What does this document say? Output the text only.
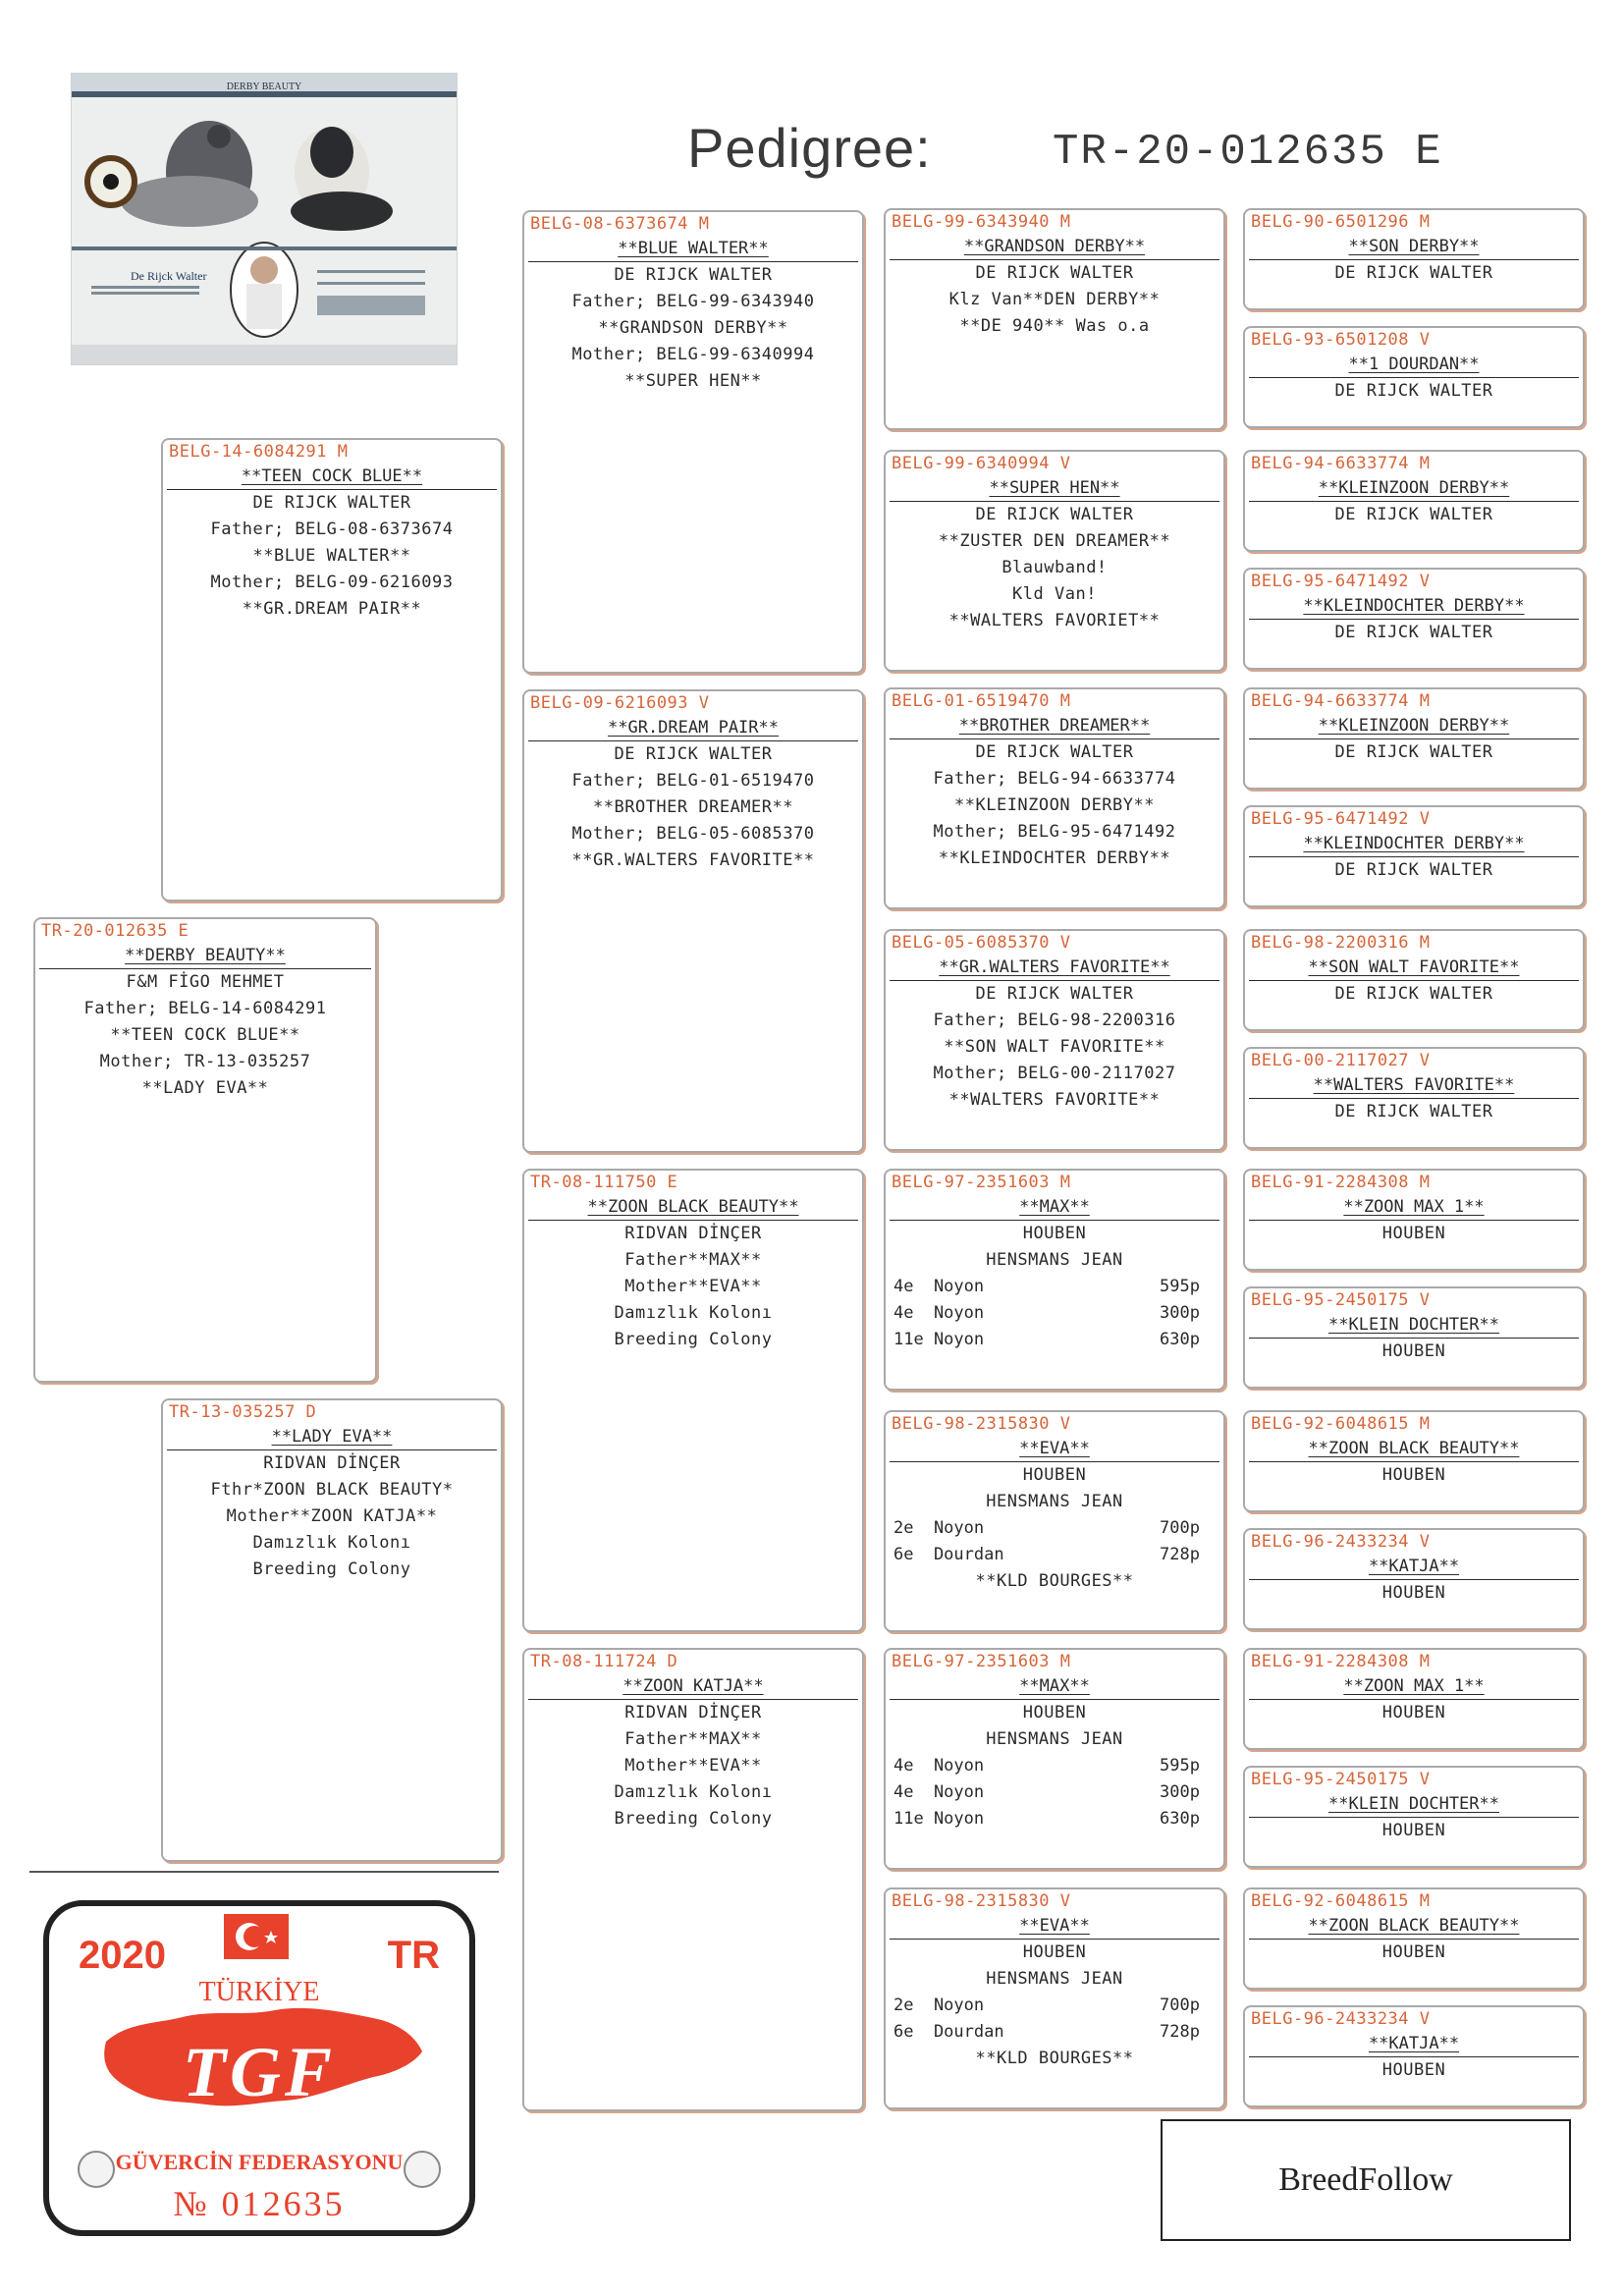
DERBY BEAUTY
De Rijck Walter
Pedigree:	TR-20-012635 E
TR-20-012635 E
**DERBY BEAUTY**
F&M FİGO MEHMET
Father; BELG-14-6084291
**TEEN COCK BLUE**
Mother; TR-13-035257
**LADY EVA**
BELG-14-6084291 M
**TEEN COCK BLUE**
DE RIJCK WALTER
Father; BELG-08-6373674
**BLUE WALTER**
Mother; BELG-09-6216093
**GR.DREAM PAIR**
TR-13-035257 D
**LADY EVA**
RIDVAN DİNÇER
Fthr*ZOON BLACK BEAUTY*
Mother**ZOON KATJA**
Damızlık Kolonı
Breeding Colony
BELG-08-6373674 M
**BLUE WALTER**
DE RIJCK WALTER
Father; BELG-99-6343940
**GRANDSON DERBY**
Mother; BELG-99-6340994
**SUPER HEN**
BELG-09-6216093 V
**GR.DREAM PAIR**
DE RIJCK WALTER
Father; BELG-01-6519470
**BROTHER DREAMER**
Mother; BELG-05-6085370
**GR.WALTERS FAVORITE**
TR-08-111750 E
**ZOON BLACK BEAUTY**
RIDVAN DİNÇER
Father**MAX**
Mother**EVA**
Damızlık Kolonı
Breeding Colony
TR-08-111724 D
**ZOON KATJA**
RIDVAN DİNÇER
Father**MAX**
Mother**EVA**
Damızlık Kolonı
Breeding Colony
BELG-99-6343940 M
**GRANDSON DERBY**
DE RIJCK WALTER
Klz Van**DEN DERBY**
**DE 940** Was o.a
BELG-99-6340994 V
**SUPER HEN**
DE RIJCK WALTER
**ZUSTER DEN DREAMER**
Blauwband!
Kld Van!
**WALTERS FAVORIET**
BELG-01-6519470 M
**BROTHER DREAMER**
DE RIJCK WALTER
Father; BELG-94-6633774
**KLEINZOON DERBY**
Mother; BELG-95-6471492
**KLEINDOCHTER DERBY**
BELG-05-6085370 V
**GR.WALTERS FAVORITE**
DE RIJCK WALTER
Father; BELG-98-2200316
**SON WALT FAVORITE**
Mother; BELG-00-2117027
**WALTERS FAVORITE**
BELG-97-2351603 M
**MAX**
HOUBEN
HENSMANS JEAN
4e  Noyon	595p
4e  Noyon	300p
11e Noyon	630p
BELG-98-2315830 V
**EVA**
HOUBEN
HENSMANS JEAN
2e  Noyon	700p
6e  Dourdan	728p
**KLD BOURGES**
BELG-97-2351603 M
**MAX**
HOUBEN
HENSMANS JEAN
4e  Noyon	595p
4e  Noyon	300p
11e Noyon	630p
BELG-98-2315830 V
**EVA**
HOUBEN
HENSMANS JEAN
2e  Noyon	700p
6e  Dourdan	728p
**KLD BOURGES**
BELG-90-6501296 M
**SON DERBY**
DE RIJCK WALTER
BELG-93-6501208 V
**1 DOURDAN**
DE RIJCK WALTER
BELG-94-6633774 M
**KLEINZOON DERBY**
DE RIJCK WALTER
BELG-95-6471492 V
**KLEINDOCHTER DERBY**
DE RIJCK WALTER
BELG-94-6633774 M
**KLEINZOON DERBY**
DE RIJCK WALTER
BELG-95-6471492 V
**KLEINDOCHTER DERBY**
DE RIJCK WALTER
BELG-98-2200316 M
**SON WALT FAVORITE**
DE RIJCK WALTER
BELG-00-2117027 V
**WALTERS FAVORITE**
DE RIJCK WALTER
BELG-91-2284308 M
**ZOON MAX 1**
HOUBEN
BELG-95-2450175 V
**KLEIN DOCHTER**
HOUBEN
BELG-92-6048615 M
**ZOON BLACK BEAUTY**
HOUBEN
BELG-96-2433234 V
**KATJA**
HOUBEN
BELG-91-2284308 M
**ZOON MAX 1**
HOUBEN
BELG-95-2450175 V
**KLEIN DOCHTER**
HOUBEN
BELG-92-6048615 M
**ZOON BLACK BEAUTY**
HOUBEN
BELG-96-2433234 V
**KATJA**
HOUBEN
2020	TR
TÜRKİYE
TGF
GÜVERCİN FEDERASYONU
№ 012635
BreedFollow
